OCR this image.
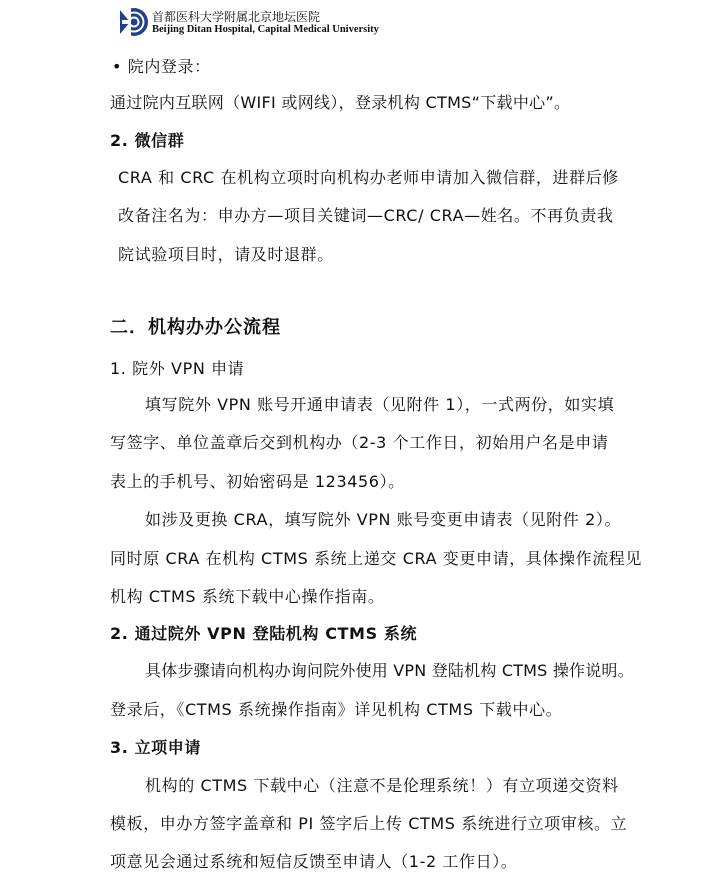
首都医科大学附属北京地坛医院
Beijing Ditan Hospital, Capital Medical University
• 院内登录：
通过院内互联网（WIFI 或网线），登录机构 CTMS“下载中心”。
2. 微信群
CRA 和 CRC 在机构立项时向机构办老师申请加入微信群，进群后修
改备注名为：申办方—项目关键词—CRC/ CRA—姓名。不再负责我
院试验项目时，请及时退群。
二．机构办办公流程
1. 院外 VPN 申请
填写院外 VPN 账号开通申请表（见附件 1），一式两份，如实填
写签字、单位盖章后交到机构办（2-3 个工作日，初始用户名是申请
表上的手机号、初始密码是 123456）。
如涉及更换 CRA，填写院外 VPN 账号变更申请表（见附件 2）。
同时原 CRA 在机构 CTMS 系统上递交 CRA 变更申请，具体操作流程见
机构 CTMS 系统下载中心操作指南。
2. 通过院外 VPN 登陆机构 CTMS 系统
具体步骤请向机构办询问院外使用 VPN 登陆机构 CTMS 操作说明。
登录后，《CTMS 系统操作指南》详见机构 CTMS 下载中心。
3. 立项申请
机构的 CTMS 下载中心（注意不是伦理系统！）有立项递交资料
模板，申办方签字盖章和 PI 签字后上传 CTMS 系统进行立项审核。立
项意见会通过系统和短信反馈至申请人（1-2 工作日）。
